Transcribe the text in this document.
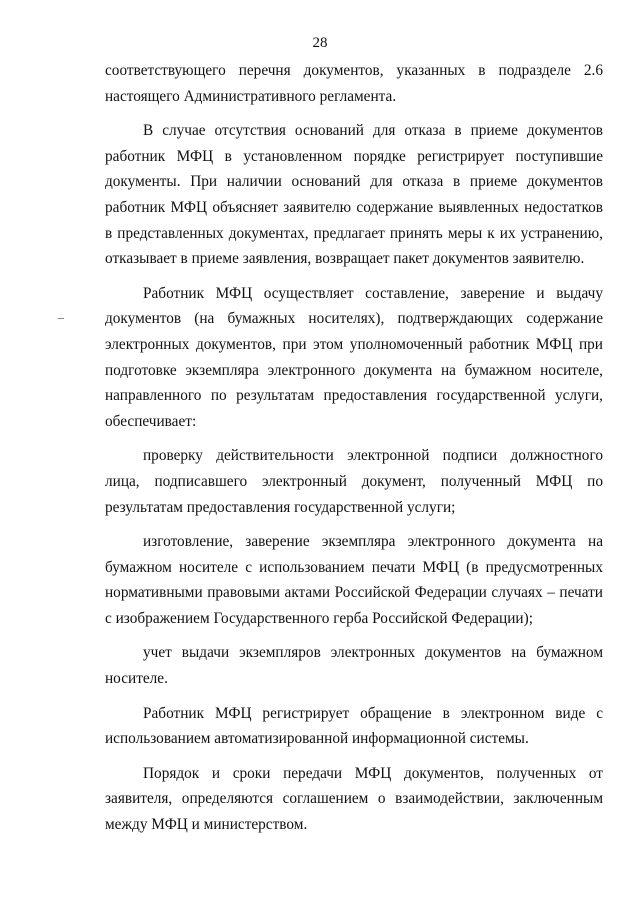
28

соответствующего перечня документов, указанных в подразделе 2.6 настоящего Административного регламента.

В случае отсутствия оснований для отказа в приеме документов работник МФЦ в установленном порядке регистрирует поступившие документы. При наличии оснований для отказа в приеме документов работник МФЦ объясняет заявителю содержание выявленных недостатков в представленных документах, предлагает принять меры к их устранению, отказывает в приеме заявления, возвращает пакет документов заявителю.

Работник МФЦ осуществляет составление, заверение и выдачу документов (на бумажных носителях), подтверждающих содержание электронных документов, при этом уполномоченный работник МФЦ при подготовке экземпляра электронного документа на бумажном носителе, направленного по результатам предоставления государственной услуги, обеспечивает:

проверку действительности электронной подписи должностного лица, подписавшего электронный документ, полученный МФЦ по результатам предоставления государственной услуги;

изготовление, заверение экземпляра электронного документа на бумажном носителе с использованием печати МФЦ (в предусмотренных нормативными правовыми актами Российской Федерации случаях – печати с изображением Государственного герба Российской Федерации);

учет выдачи экземпляров электронных документов на бумажном носителе.

Работник МФЦ регистрирует обращение в электронном виде с использованием автоматизированной информационной системы.

Порядок и сроки передачи МФЦ документов, полученных от заявителя, определяются соглашением о взаимодействии, заключенным между МФЦ и министерством.
